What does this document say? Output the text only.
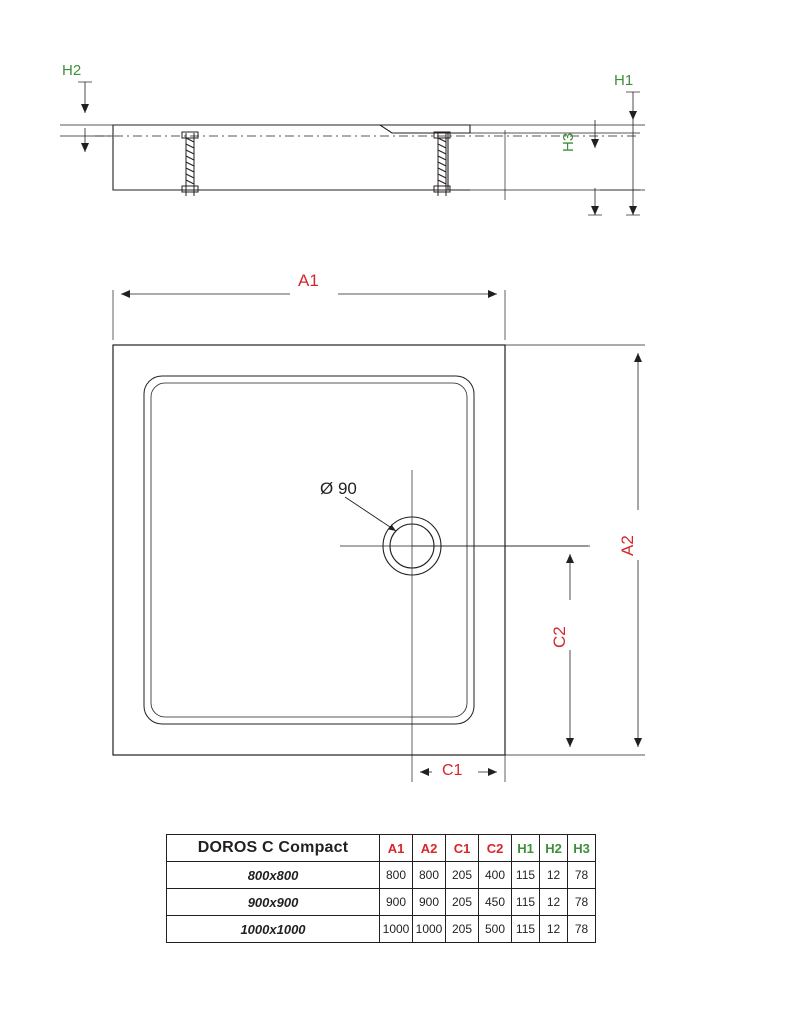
H2
H1
H3
A1
A2
C1
C2
Ø 90
DOROS C Compact	A1	A2	C1	C2	H1	H2	H3
800x800	800	800	205	400	115	12	78
900x900	900	900	205	450	115	12	78
1000x1000	1000	1000	205	500	115	12	78
